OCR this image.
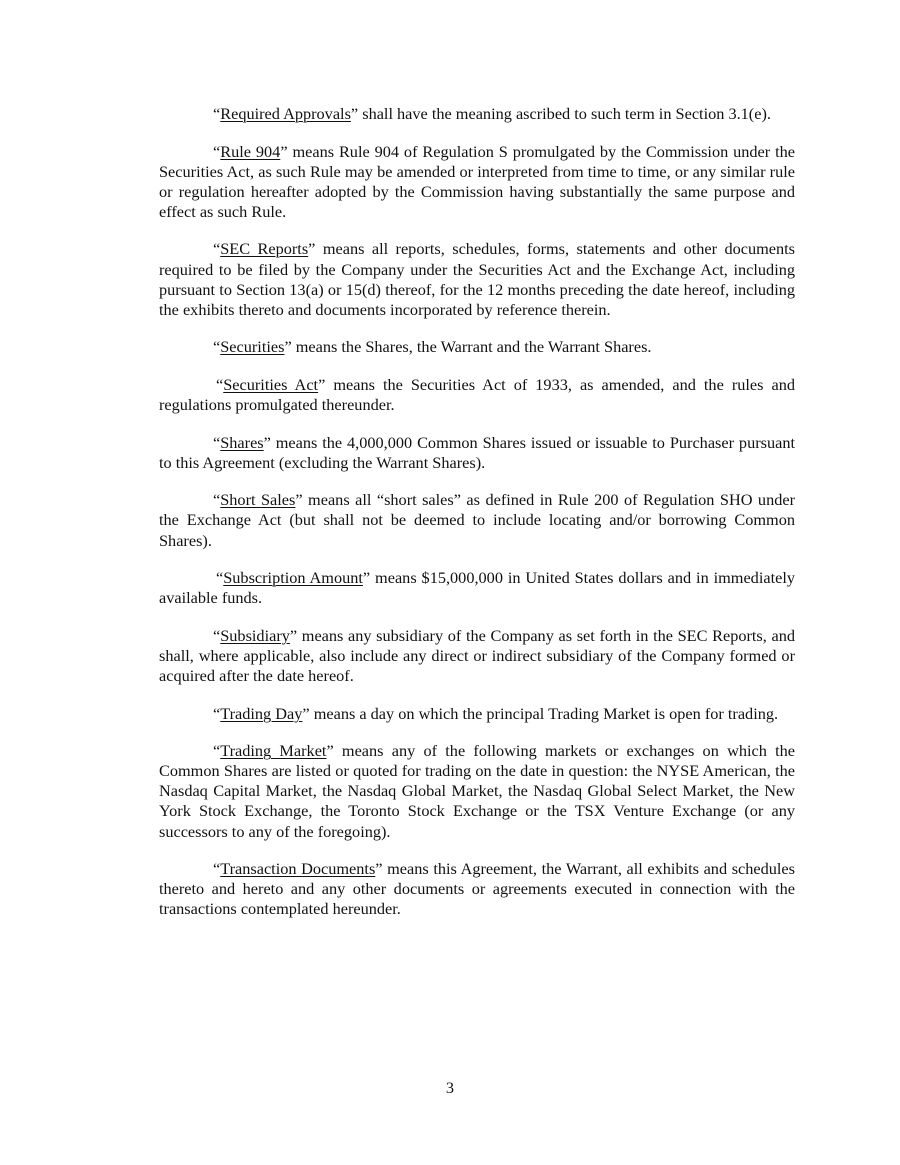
“Required Approvals” shall have the meaning ascribed to such term in Section 3.1(e).

“Rule 904” means Rule 904 of Regulation S promulgated by the Commission under the Securities Act, as such Rule may be amended or interpreted from time to time, or any similar rule or regulation hereafter adopted by the Commission having substantially the same purpose and effect as such Rule.

“SEC Reports” means all reports, schedules, forms, statements and other documents required to be filed by the Company under the Securities Act and the Exchange Act, including pursuant to Section 13(a) or 15(d) thereof, for the 12 months preceding the date hereof, including the exhibits thereto and documents incorporated by reference therein.

“Securities” means the Shares, the Warrant and the Warrant Shares.

“Securities Act” means the Securities Act of 1933, as amended, and the rules and regulations promulgated thereunder.

“Shares” means the 4,000,000 Common Shares issued or issuable to Purchaser pursuant to this Agreement (excluding the Warrant Shares).

“Short Sales” means all “short sales” as defined in Rule 200 of Regulation SHO under the Exchange Act (but shall not be deemed to include locating and/or borrowing Common Shares).

“Subscription Amount” means $15,000,000 in United States dollars and in immediately available funds.

“Subsidiary” means any subsidiary of the Company as set forth in the SEC Reports, and shall, where applicable, also include any direct or indirect subsidiary of the Company formed or acquired after the date hereof.

“Trading Day” means a day on which the principal Trading Market is open for trading.

“Trading Market” means any of the following markets or exchanges on which the Common Shares are listed or quoted for trading on the date in question: the NYSE American, the Nasdaq Capital Market, the Nasdaq Global Market, the Nasdaq Global Select Market, the New York Stock Exchange, the Toronto Stock Exchange or the TSX Venture Exchange (or any successors to any of the foregoing).

“Transaction Documents” means this Agreement, the Warrant, all exhibits and schedules thereto and hereto and any other documents or agreements executed in connection with the transactions contemplated hereunder.

3
